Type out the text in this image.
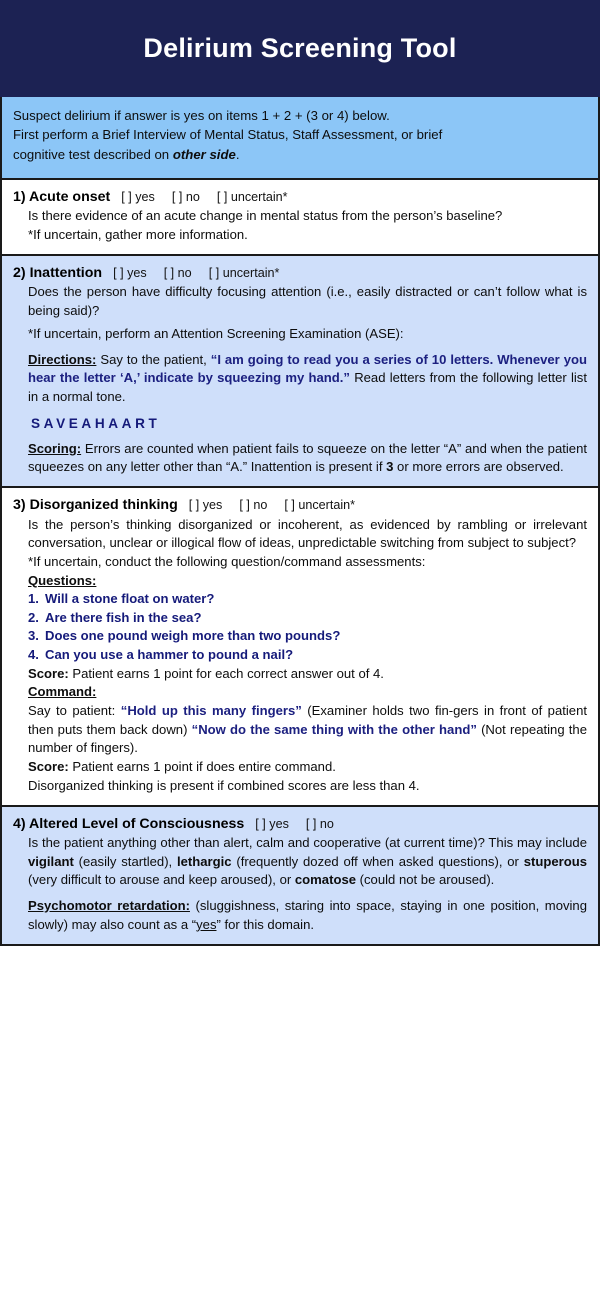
Delirium Screening Tool
Suspect delirium if answer is yes on items 1 + 2 + (3 or 4) below.
First perform a Brief Interview of Mental Status, Staff Assessment, or brief
cognitive test described on other side.
1) Acute onset [ ] yes [ ] no [ ] uncertain*
Is there evidence of an acute change in mental status from the person’s baseline?
*If uncertain, gather more information.
2) Inattention [ ] yes [ ] no [ ] uncertain*
Does the person have difficulty focusing attention (i.e., easily distracted or can’t follow what is being said)?
*If uncertain, perform an Attention Screening Examination (ASE):
Directions: Say to the patient, “I am going to read you a series of 10 letters. Whenever you hear the letter ‘A,’ indicate by squeezing my hand.” Read letters from the following letter list in a normal tone.
SAVEAHAART
Scoring: Errors are counted when patient fails to squeeze on the letter “A” and when the patient squeezes on any letter other than “A.” Inattention is present if 3 or more errors are observed.
3) Disorganized thinking [ ] yes [ ] no [ ] uncertain*
Is the person’s thinking disorganized or incoherent, as evidenced by rambling or irrelevant conversation, unclear or illogical flow of ideas, unpredictable switching from subject to subject?
*If uncertain, conduct the following question/command assessments:
Questions:
1. Will a stone float on water?
2. Are there fish in the sea?
3. Does one pound weigh more than two pounds?
4. Can you use a hammer to pound a nail?
Score: Patient earns 1 point for each correct answer out of 4.
Command:
Say to patient: “Hold up this many fingers” (Examiner holds two fin-gers in front of patient then puts them back down) “Now do the same thing with the other hand” (Not repeating the number of fingers).
Score: Patient earns 1 point if does entire command.
Disorganized thinking is present if combined scores are less than 4.
4) Altered Level of Consciousness [ ] yes [ ] no
Is the patient anything other than alert, calm and cooperative (at current time)? This may include vigilant (easily startled), lethargic (frequently dozed off when asked questions), or stuperous (very difficult to arouse and keep aroused), or comatose (could not be aroused).
Psychomotor retardation: (sluggishness, staring into space, staying in one position, moving slowly) may also count as a “yes” for this domain.
